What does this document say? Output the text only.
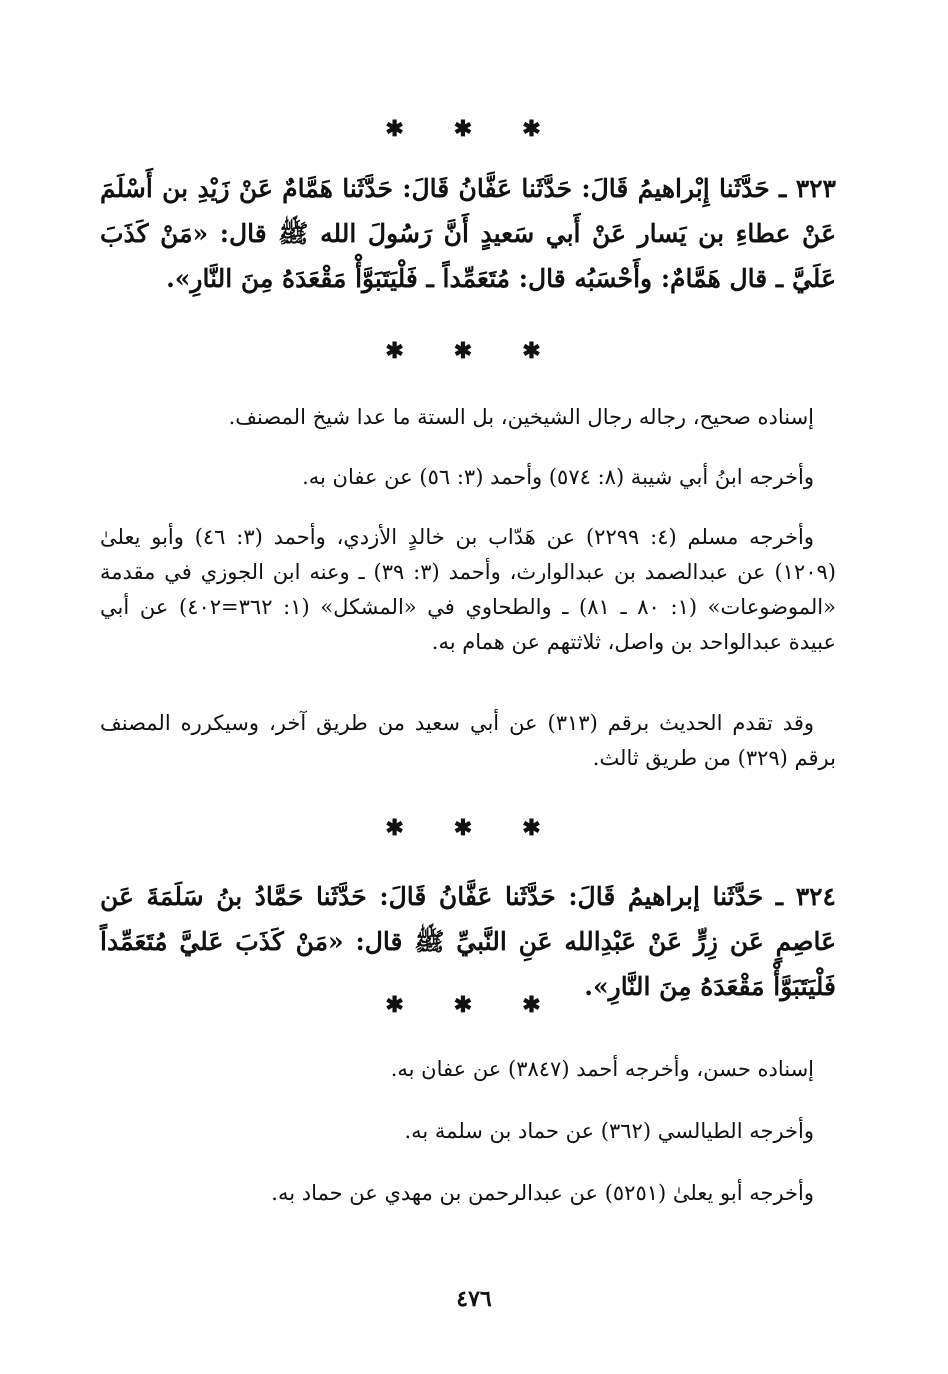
✱ ✱ ✱
٣٢٣ ـ حَدَّثَنا إِبْراهيمُ قَالَ: حَدَّثَنا عَفَّانُ قَالَ: حَدَّثَنا هَمَّامٌ عَنْ زَيْدِ بن أَسْلَمَ عَنْ عطاءِ بن يَسار عَنْ أَبي سَعيدٍ أَنَّ رَسُولَ الله ﷺ قال: «مَنْ كَذَبَ عَلَيَّ ـ قال هَمَّامٌ: وأَحْسَبُه قال: مُتَعَمِّداً ـ فَلْيَتَبَوَّأْ مَقْعَدَهُ مِنَ النَّارِ».
✱ ✱ ✱
إسناده صحيح، رجاله رجال الشيخين، بل الستة ما عدا شيخ المصنف.
وأخرجه ابنُ أبي شيبة (٨: ٥٧٤) وأحمد (٣: ٥٦) عن عفان به.
وأخرجه مسلم (٤: ٢٢٩٩) عن هَدّاب بن خالدٍ الأزدي، وأحمد (٣: ٤٦) وأبو يعلىٰ (١٢٠٩) عن عبدالصمد بن عبدالوارث، وأحمد (٣: ٣٩) ـ وعنه ابن الجوزي في مقدمة «الموضوعات» (١: ٨٠ ـ ٨١) ـ والطحاوي في «المشكل» (١: ٣٦٢=٤٠٢) عن أبي عبيدة عبدالواحد بن واصل، ثلاثتهم عن همام به.
وقد تقدم الحديث برقم (٣١٣) عن أبي سعيد من طريق آخر، وسيكرره المصنف برقم (٣٢٩) من طريق ثالث.
✱ ✱ ✱
٣٢٤ ـ حَدَّثَنا إبراهيمُ قَالَ: حَدَّثَنا عَفَّانُ قَالَ: حَدَّثَنا حَمَّادُ بنُ سَلَمَةَ عَن عَاصِمٍ عَن زِرٍّ عَنْ عَبْدِالله عَنِ النَّبيِّ ﷺ قال: «مَنْ كَذَبَ عَليَّ مُتَعَمِّداً فَلْيَتَبَوَّأْ مَقْعَدَهُ مِنَ النَّارِ».
✱ ✱ ✱
إسناده حسن، وأخرجه أحمد (٣٨٤٧) عن عفان به.
وأخرجه الطيالسي (٣٦٢) عن حماد بن سلمة به.
وأخرجه أبو يعلىٰ (٥٢٥١) عن عبدالرحمن بن مهدي عن حماد به.
٤٧٦
